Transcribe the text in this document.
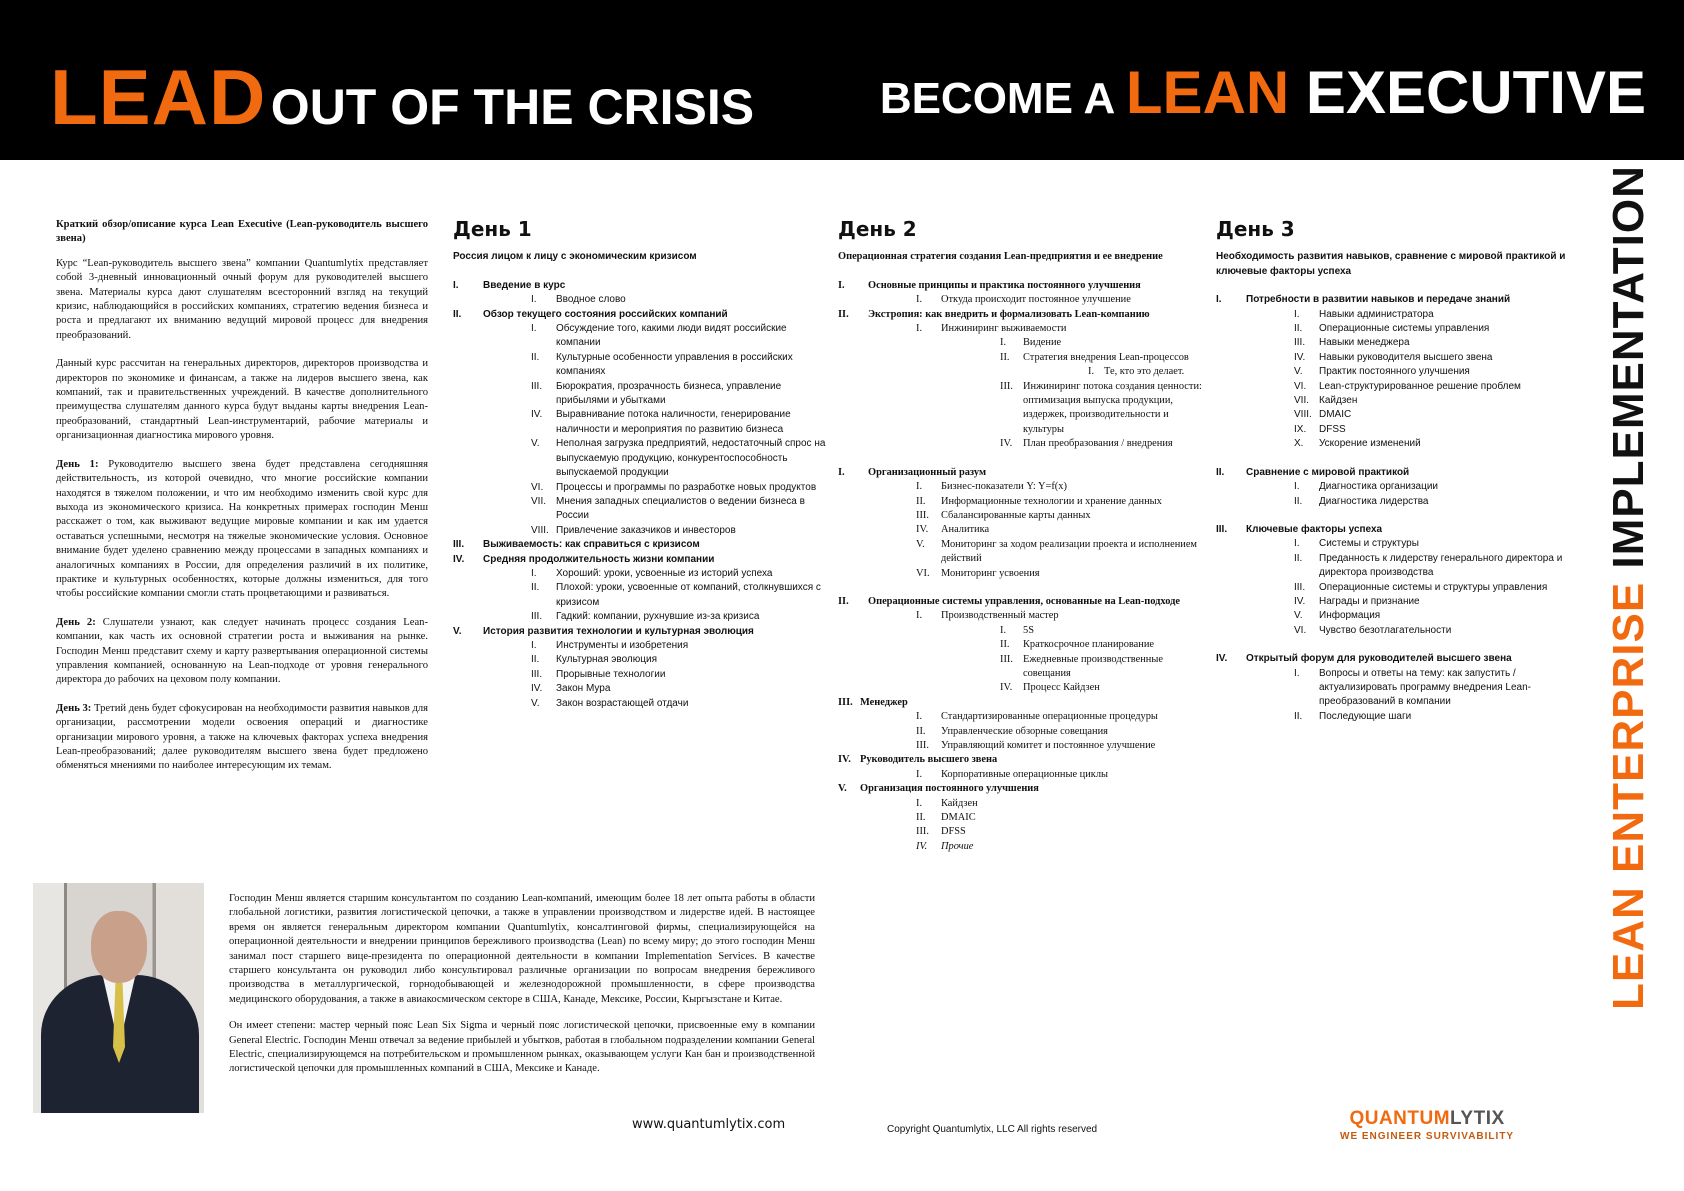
LEAD OUT OF THE CRISIS	BECOME A LEAN EXECUTIVE
LEAN ENTERPRISE IMPLEMENTATION

Краткий обзор/описание курса Lean Executive (Lean-руководитель высшего звена)

Курс “Lean-руководитель высшего звена” компании Quantumlytix представляет собой 3-дневный инновационный очный форум для руководителей высшего звена. Материалы курса дают слушателям всесторонний взгляд на текущий кризис, наблюдающийся в российских компаниях, стратегию ведения бизнеса и роста и предлагают их вниманию ведущий мировой процесс для внедрения преобразований.

Данный курс рассчитан на генеральных директоров, директоров производства и директоров по экономике и финансам, а также на лидеров высшего звена, как компаний, так и правительственных учреждений. В качестве дополнительного преимущества слушателям данного курса будут выданы карты внедрения Lean-преобразований, стандартный Lean-инструментарий, рабочие материалы и организационная диагностика мирового уровня.

День 1: Руководителю высшего звена будет представлена сегодняшняя действительность, из которой очевидно, что многие российские компании находятся в тяжелом положении, и что им необходимо изменить свой курс для выхода из экономического кризиса. На конкретных примерах господин Менш расскажет о том, как выживают ведущие мировые компании и как им удается оставаться успешными, несмотря на тяжелые экономические условия. Основное внимание будет уделено сравнению между процессами в западных компаниях и аналогичных компаниях в России, для определения различий в их политике, практике и культурных особенностях, которые должны измениться, для того чтобы российские компании смогли стать процветающими и развиваться.

День 2: Слушатели узнают, как следует начинать процесс создания Lean-компании, как часть их основной стратегии роста и выживания на рынке. Господин Менш представит схему и карту развертывания операционной системы управления компанией, основанную на Lean-подходе от уровня генерального директора до рабочих на цеховом полу компании.

День 3: Третий день будет сфокусирован на необходимости развития навыков для организации, рассмотрении модели освоения операций и диагностике организации мирового уровня, а также на ключевых факторах успеха внедрения Lean-преобразований; далее руководителям высшего звена будет предложено обменяться мнениями по наиболее интересующим их темам.

Господин Менш является старшим консультантом по созданию Lean-компаний, имеющим более 18 лет опыта работы в области глобальной логистики, развития логистической цепочки, а также в управлении производством и лидерстве идей. В настоящее время он является генеральным директором компании Quantumlytix, консалтинговой фирмы, специализирующейся на операционной деятельности и внедрении принципов бережливого производства (Lean) по всему миру; до этого господин Менш занимал пост старшего вице-президента по операционной деятельности в компании Implementation Services. В качестве старшего консультанта он руководил либо консультировал различные организации по вопросам внедрения бережливого производства в металлургической, горнодобывающей и железнодорожной промышленности, в сфере производства медицинского оборудования, а также в авиакосмическом секторе в США, Канаде, Мексике, России, Кыргызстане и Китае.

Он имеет степени: мастер черный пояс Lean Six Sigma и черный пояс логистической цепочки, присвоенные ему в компании General Electric. Господин Менш отвечал за ведение прибылей и убытков, работая в глобальном подразделении компании General Electric, специализирующемся на потребительском и промышленном рынках, оказывающем услуги Кан бан и производственной логистической цепочки для промышленных компаний в США, Мексике и Канаде.

День 1
Россия лицом к лицу с экономическим кризисом
I. Введение в курс
I. Вводное слово
II. Обзор текущего состояния российских компаний
I. Обсуждение того, какими люди видят российские компании
II. Культурные особенности управления в российских компаниях
III. Бюрократия, прозрачность бизнеса, управление прибылями и убытками
IV. Выравнивание потока наличности, генерирование наличности и мероприятия по развитию бизнеса
V. Неполная загрузка предприятий, недостаточный спрос на выпускаемую продукцию, конкурентоспособность выпускаемой продукции
VI. Процессы и программы по разработке новых продуктов
VII. Мнения западных специалистов о ведении бизнеса в России
VIII. Привлечение заказчиков и инвесторов
III. Выживаемость: как справиться с кризисом
IV. Средняя продолжительность жизни компании
I. Хороший: уроки, усвоенные из историй успеха
II. Плохой: уроки, усвоенные от компаний, столкнувшихся с кризисом
III. Гадкий: компании, рухнувшие из-за кризиса
V. История развития технологии и культурная эволюция
I. Инструменты и изобретения
II. Культурная эволюция
III. Прорывные технологии
IV. Закон Мура
V. Закон возрастающей отдачи
День 2
Операционная стратегия создания Lean-предприятия и ее внедрение
I. Основные принципы и практика постоянного улучшения
I. Откуда происходит постоянное улучшение
II. Экстропия: как внедрить и формализовать Lean-компанию
I. Инжиниринг выживаемости
I. Видение
II. Стратегия внедрения Lean-процессов
I. Те, кто это делает.
III. Инжиниринг потока создания ценности: оптимизация выпуска продукции, издержек, производительности и культуры
IV. План преобразования / внедрения
I. Организационный разум
I. Бизнес-показатели Y: Y=f(x)
II. Информационные технологии и хранение данных
III. Сбалансированные карты данных
IV. Аналитика
V. Мониторинг за ходом реализации проекта и исполнением действий
VI. Мониторинг усвоения
II. Операционные системы управления, основанные на Lean-подходе
I. Производственный мастер
I. 5S
II. Краткосрочное планирование
III. Ежедневные производственные совещания
IV. Процесс Кайдзен
III. Менеджер
I. Стандартизированные операционные процедуры
II. Управленческие обзорные совещания
III. Управляющий комитет и постоянное улучшение
IV. Руководитель высшего звена
I. Корпоративные операционные циклы
V. Организация постоянного улучшения
I. Кайдзен
II. DMAIC
III. DFSS
IV. Прочие
День 3
Необходимость развития навыков, сравнение с мировой практикой и ключевые факторы успеха
I. Потребности в развитии навыков и передаче знаний
I. Навыки администратора
II. Операционные системы управления
III. Навыки менеджера
IV. Навыки руководителя высшего звена
V. Практик постоянного улучшения
VI. Lean-структурированное решение проблем
VII. Кайдзен
VIII. DMAIC
IX. DFSS
X. Ускорение изменений
II. Сравнение с мировой практикой
I. Диагностика организации
II. Диагностика лидерства
III. Ключевые факторы успеха
I. Системы и структуры
II. Преданность к лидерству генерального директора и директора производства
III. Операционные системы и структуры управления
IV. Награды и признание
V. Информация
VI. Чувство безотлагательности
IV. Открытый форум для руководителей высшего звена
I. Вопросы и ответы на тему: как запустить / актуализировать программу внедрения Lean-преобразований в компании
II. Последующие шаги
www.quantumlytix.com	Copyright Quantumlytix, LLC All rights reserved
QUANTUMLYTIX
WE ENGINEER SURVIVABILITY
